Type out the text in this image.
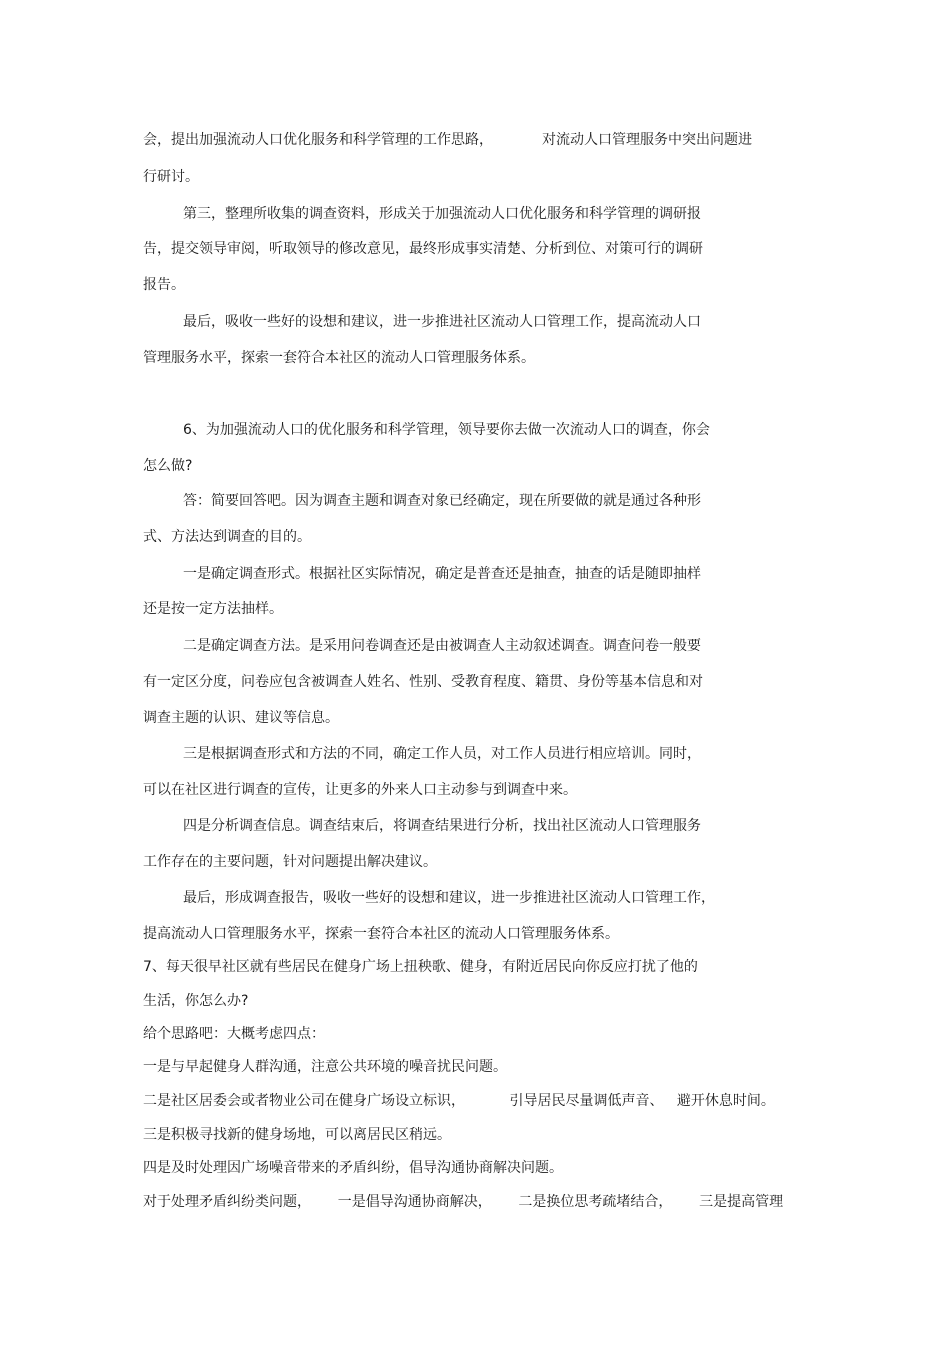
会，提出加强流动人口优化服务和科学管理的工作思路，           对流动人口管理服务中突出问题进

行研讨。

第三，整理所收集的调查资料，形成关于加强流动人口优化服务和科学管理的调研报

告，提交领导审阅，听取领导的修改意见，最终形成事实清楚、分析到位、对策可行的调研

报告。

最后，吸收一些好的设想和建议，进一步推进社区流动人口管理工作，提高流动人口

管理服务水平，探索一套符合本社区的流动人口管理服务体系。

6、为加强流动人口的优化服务和科学管理，领导要你去做一次流动人口的调查，你会

怎么做?

答：简要回答吧。因为调查主题和调查对象已经确定，现在所要做的就是通过各种形

式、方法达到调查的目的。

一是确定调查形式。根据社区实际情况，确定是普查还是抽查，抽查的话是随即抽样

还是按一定方法抽样。

二是确定调查方法。是采用问卷调查还是由被调查人主动叙述调查。调查问卷一般要

有一定区分度，问卷应包含被调查人姓名、性别、受教育程度、籍贯、身份等基本信息和对

调查主题的认识、建议等信息。

三是根据调查形式和方法的不同，确定工作人员，对工作人员进行相应培训。同时，

可以在社区进行调查的宣传，让更多的外来人口主动参与到调查中来。

四是分析调查信息。调查结束后，将调查结果进行分析，找出社区流动人口管理服务

工作存在的主要问题，针对问题提出解决建议。

最后，形成调查报告，吸收一些好的设想和建议，进一步推进社区流动人口管理工作，

提高流动人口管理服务水平，探索一套符合本社区的流动人口管理服务体系。

7、每天很早社区就有些居民在健身广场上扭秧歌、健身，有附近居民向你反应打扰了他的

生活，你怎么办?

给个思路吧：大概考虑四点：

一是与早起健身人群沟通，注意公共环境的噪音扰民问题。

二是社区居委会或者物业公司在健身广场设立标识，          引导居民尽量调低声音、   避开休息时间。

三是积极寻找新的健身场地，可以离居民区稍远。

四是及时处理因广场噪音带来的矛盾纠纷，倡导沟通协商解决问题。

对于处理矛盾纠纷类问题，      一是倡导沟通协商解决，      二是换位思考疏堵结合，      三是提高管理
